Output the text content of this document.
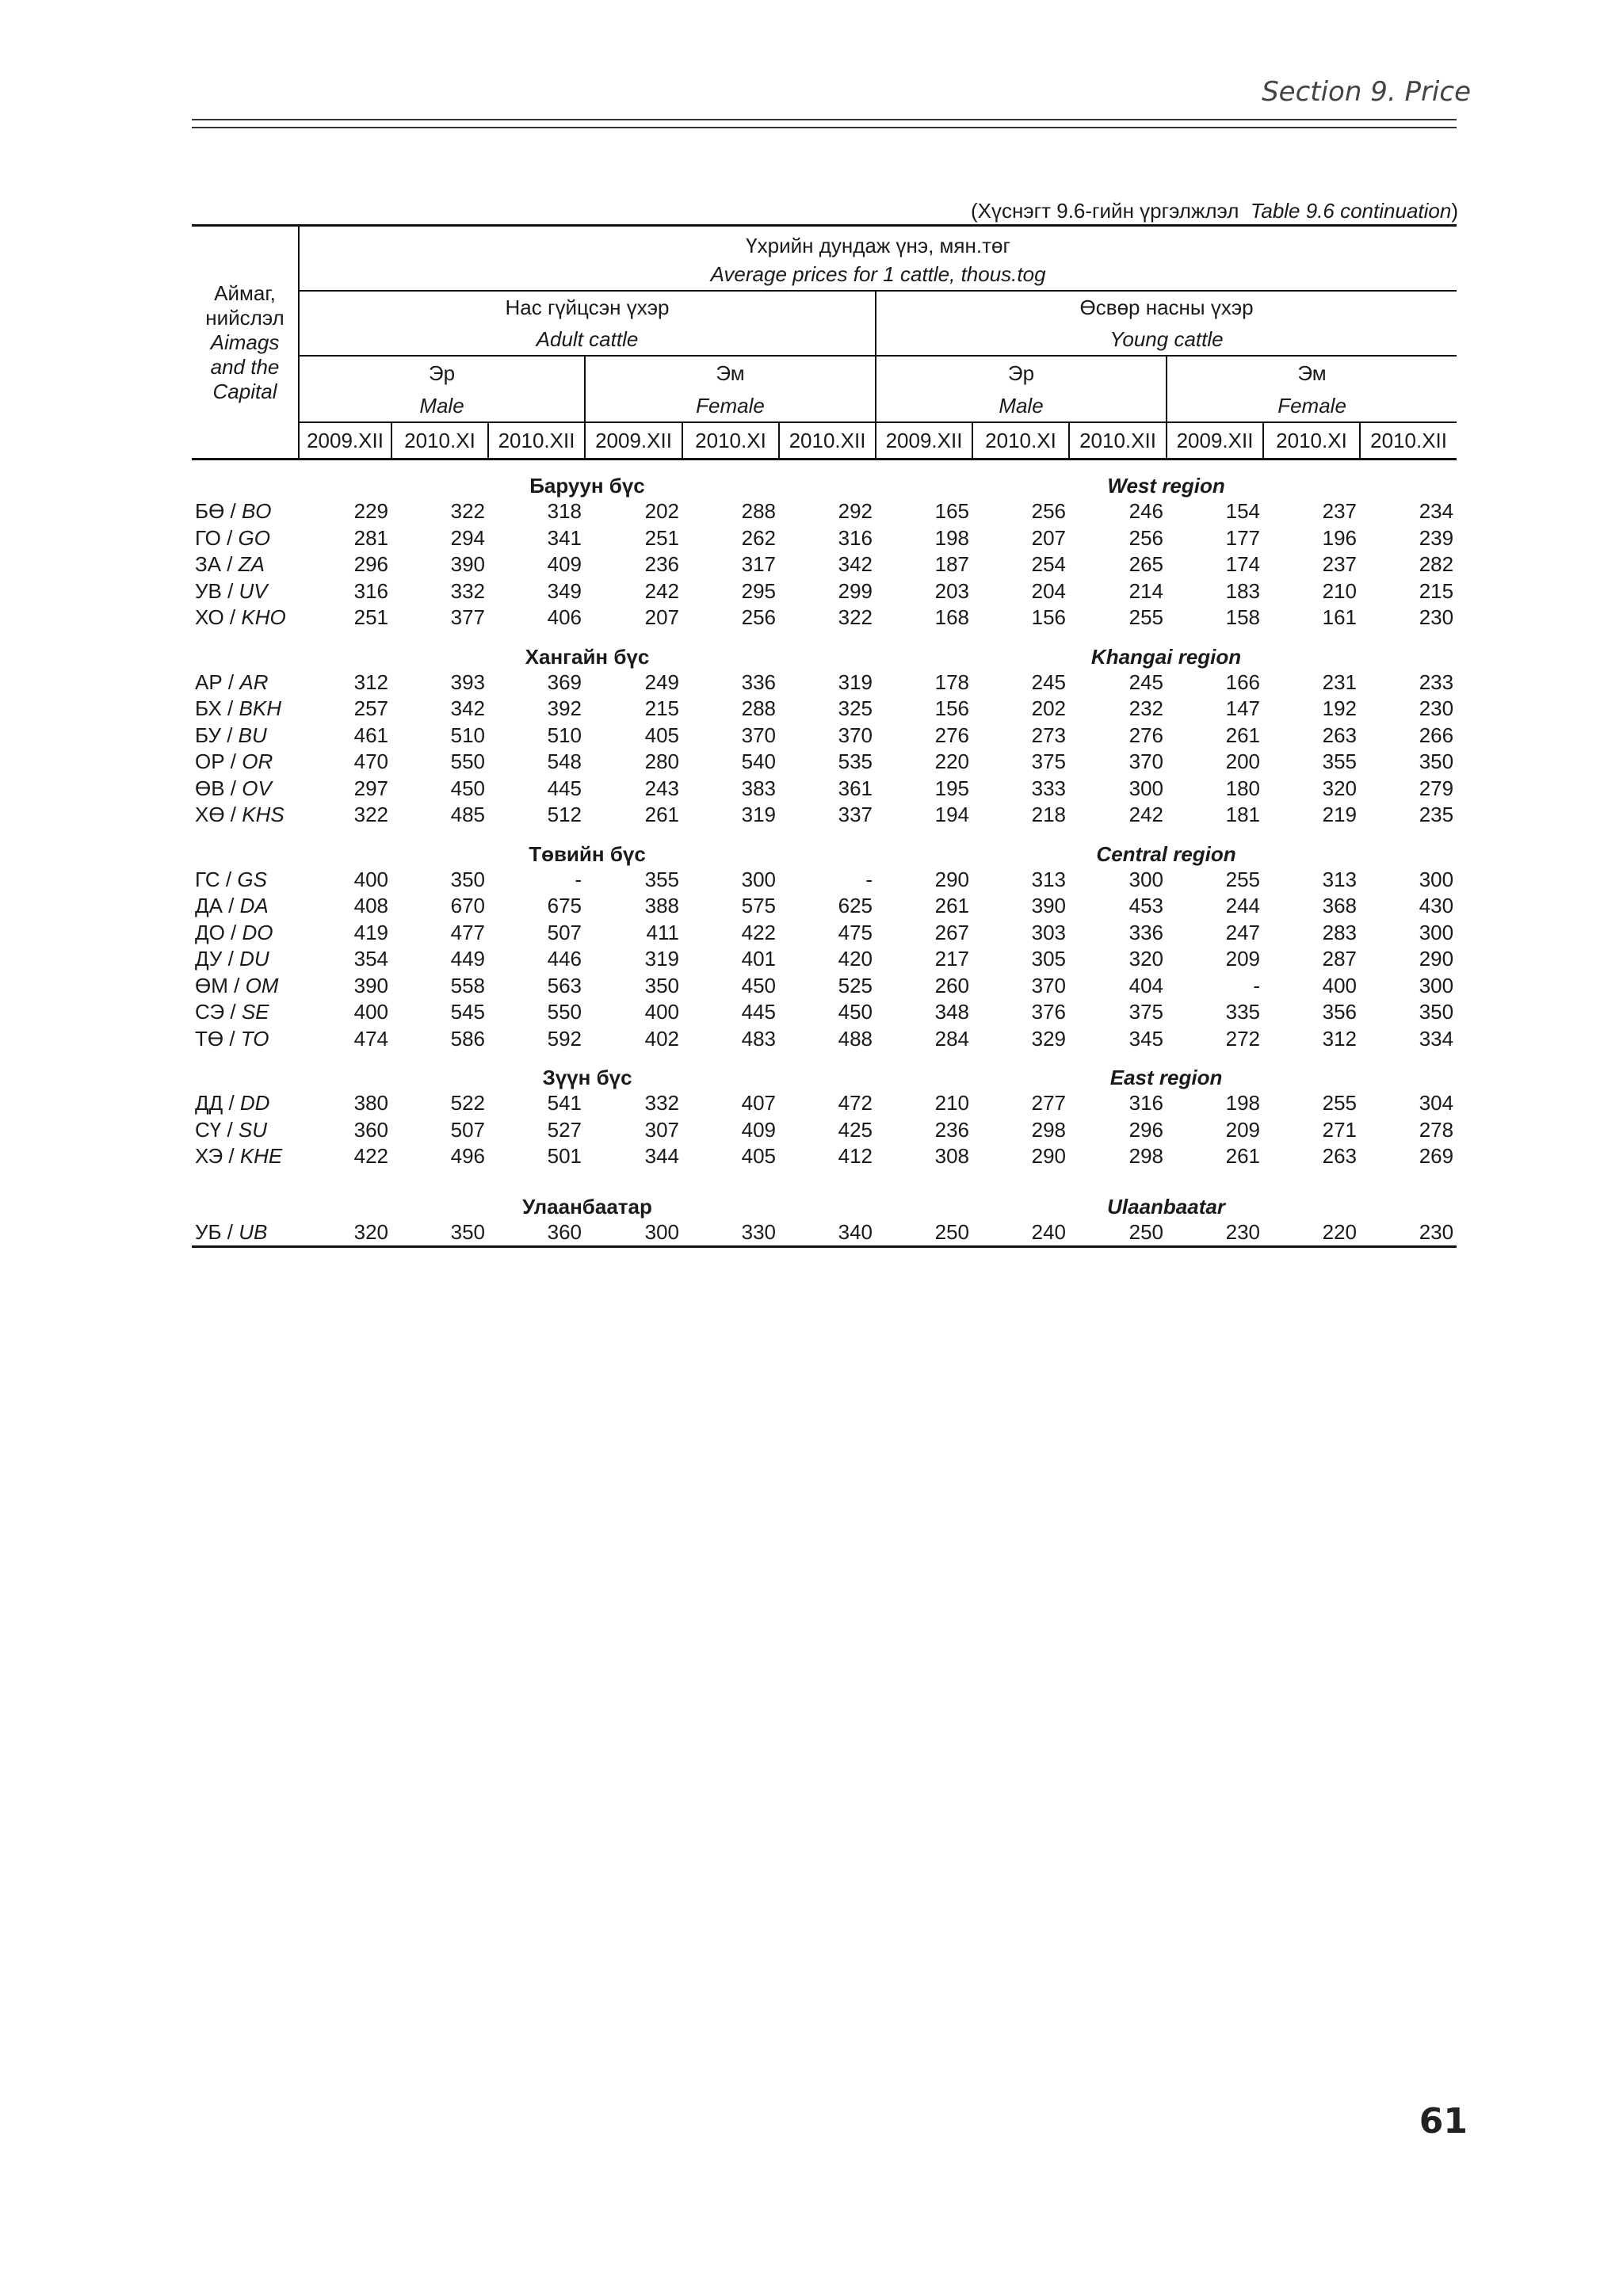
Section 9. Price
(Хүснэгт 9.6-гийн үргэлжлэл Table 9.6 continuation)
Аймаг,
нийслэл
Aimags
and the
Capital	Үхрийн дундаж үнэ, мян.төг											
	Average prices for 1 cattle, thous.tog											
	Нас гүйцсэн үхэр						Өсвөр насны үхэр					
	Adult cattle						Young cattle					
	Эр			Эм			Эр			Эм		
	Male			Female			Male			Female		
	2009.XII	2010.XI	2010.XII	2009.XII	2010.XI	2010.XII	2009.XII	2010.XI	2010.XII	2009.XII	2010.XI	2010.XII

	Баруун бүс						West region					
БӨ / BO	229	322	318	202	288	292	165	256	246	154	237	234
ГО / GO	281	294	341	251	262	316	198	207	256	177	196	239
ЗА / ZA	296	390	409	236	317	342	187	254	265	174	237	282
УВ / UV	316	332	349	242	295	299	203	204	214	183	210	215
ХО / KHO	251	377	406	207	256	322	168	156	255	158	161	230

	Хангайн бүс						Khangai region					
АР / AR	312	393	369	249	336	319	178	245	245	166	231	233
БХ / BKH	257	342	392	215	288	325	156	202	232	147	192	230
БУ / BU	461	510	510	405	370	370	276	273	276	261	263	266
ОР / OR	470	550	548	280	540	535	220	375	370	200	355	350
ӨВ / OV	297	450	445	243	383	361	195	333	300	180	320	279
ХӨ / KHS	322	485	512	261	319	337	194	218	242	181	219	235

	Төвийн бүс						Central region					
ГС / GS	400	350	-	355	300	-	290	313	300	255	313	300
ДА / DA	408	670	675	388	575	625	261	390	453	244	368	430
ДО / DO	419	477	507	411	422	475	267	303	336	247	283	300
ДУ / DU	354	449	446	319	401	420	217	305	320	209	287	290
ӨМ / OM	390	558	563	350	450	525	260	370	404	-	400	300
СЭ / SE	400	545	550	400	445	450	348	376	375	335	356	350
ТӨ / TO	474	586	592	402	483	488	284	329	345	272	312	334

	Зүүн бүс						East region					
ДД / DD	380	522	541	332	407	472	210	277	316	198	255	304
СҮ / SU	360	507	527	307	409	425	236	298	296	209	271	278
ХЭ / KHE	422	496	501	344	405	412	308	290	298	261	263	269

	Улаанбаатар						Ulaanbaatar					
УБ / UB	320	350	360	300	330	340	250	240	250	230	220	230
61
